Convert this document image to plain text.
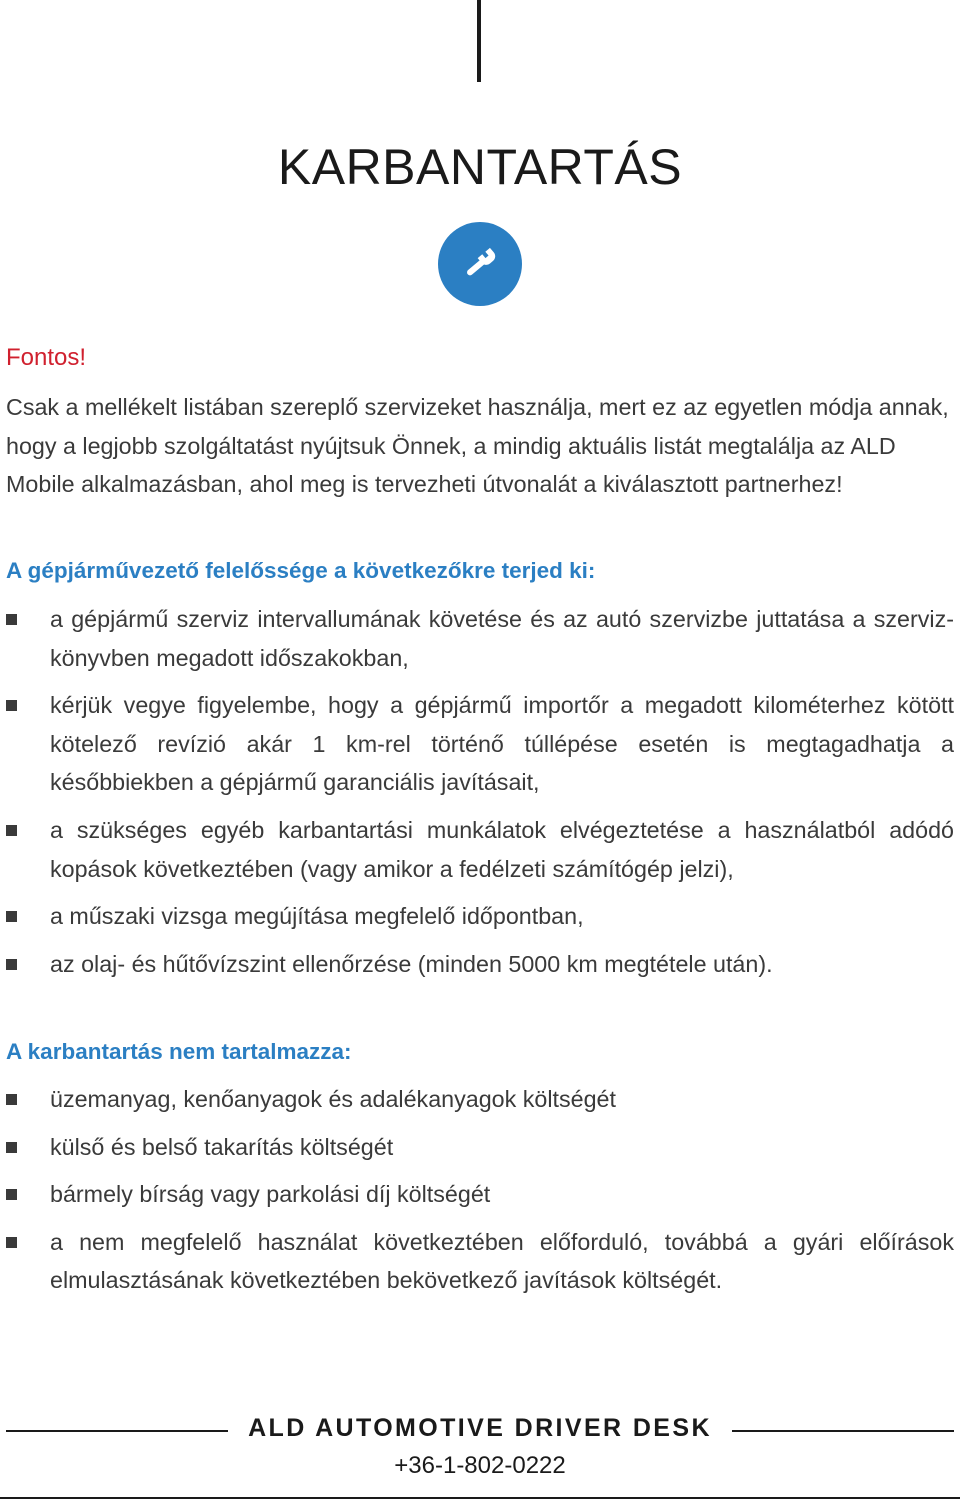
KARBANTARTÁS

Fontos!

Csak a mellékelt listában szereplő szervizeket használja, mert ez az egyetlen módja annak, hogy a legjobb szolgáltatást nyújtsuk Önnek, a mindig aktuális listát megtalálja az ALD Mobile alkalmazásban, ahol meg is tervezheti útvonalát a kiválasztott partnerhez!

A gépjárművezető felelőssége a következőkre terjed ki:
a gépjármű szerviz intervallumának követése és az autó szervizbe juttatása a szervizkönyvben megadott időszakokban,
kérjük vegye figyelembe, hogy a gépjármű importőr a megadott kilométerhez kötött kötelező revízió akár 1 km-rel történő túllépése esetén is megtagadhatja a későbbiekben a gépjármű garanciális javításait,
a szükséges egyéb karbantartási munkálatok elvégeztetése a használatból adódó kopások következtében (vagy amikor a fedélzeti számítógép jelzi),
a műszaki vizsga megújítása megfelelő időpontban,
az olaj- és hűtővízszint ellenőrzése (minden 5000 km megtétele után).
A karbantartás nem tartalmazza:
üzemanyag, kenőanyagok és adalékanyagok költségét
külső és belső takarítás költségét
bármely bírság vagy parkolási díj költségét
a nem megfelelő használat következtében előforduló, továbbá a gyári előírások elmulasztásának következtében bekövetkező javítások költségét.

ALD AUTOMOTIVE DRIVER DESK

+36-1-802-0222
